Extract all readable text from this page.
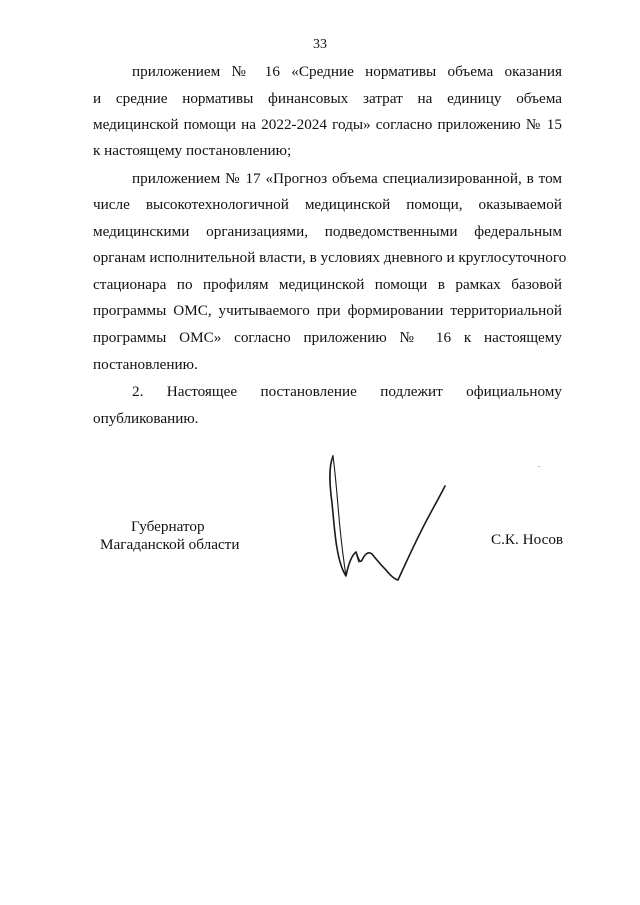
33
приложением № 16 «Средние нормативы объема оказания
и средние нормативы финансовых затрат на единицу объема
медицинской помощи на 2022-2024 годы» согласно приложению № 15
к настоящему постановлению;
приложением № 17 «Прогноз объема специализированной, в том
числе высокотехнологичной медицинской помощи, оказываемой
медицинскими организациями, подведомственными федеральным
органам исполнительной власти, в условиях дневного и круглосуточного
стационара по профилям медицинской помощи в рамках базовой
программы ОМС, учитываемого при формировании территориальной
программы ОМС» согласно приложению № 16 к настоящему
постановлению.
2. Настоящее постановление подлежит официальному
опубликованию.
Губернатор
Магаданской области	С.К. Носов
